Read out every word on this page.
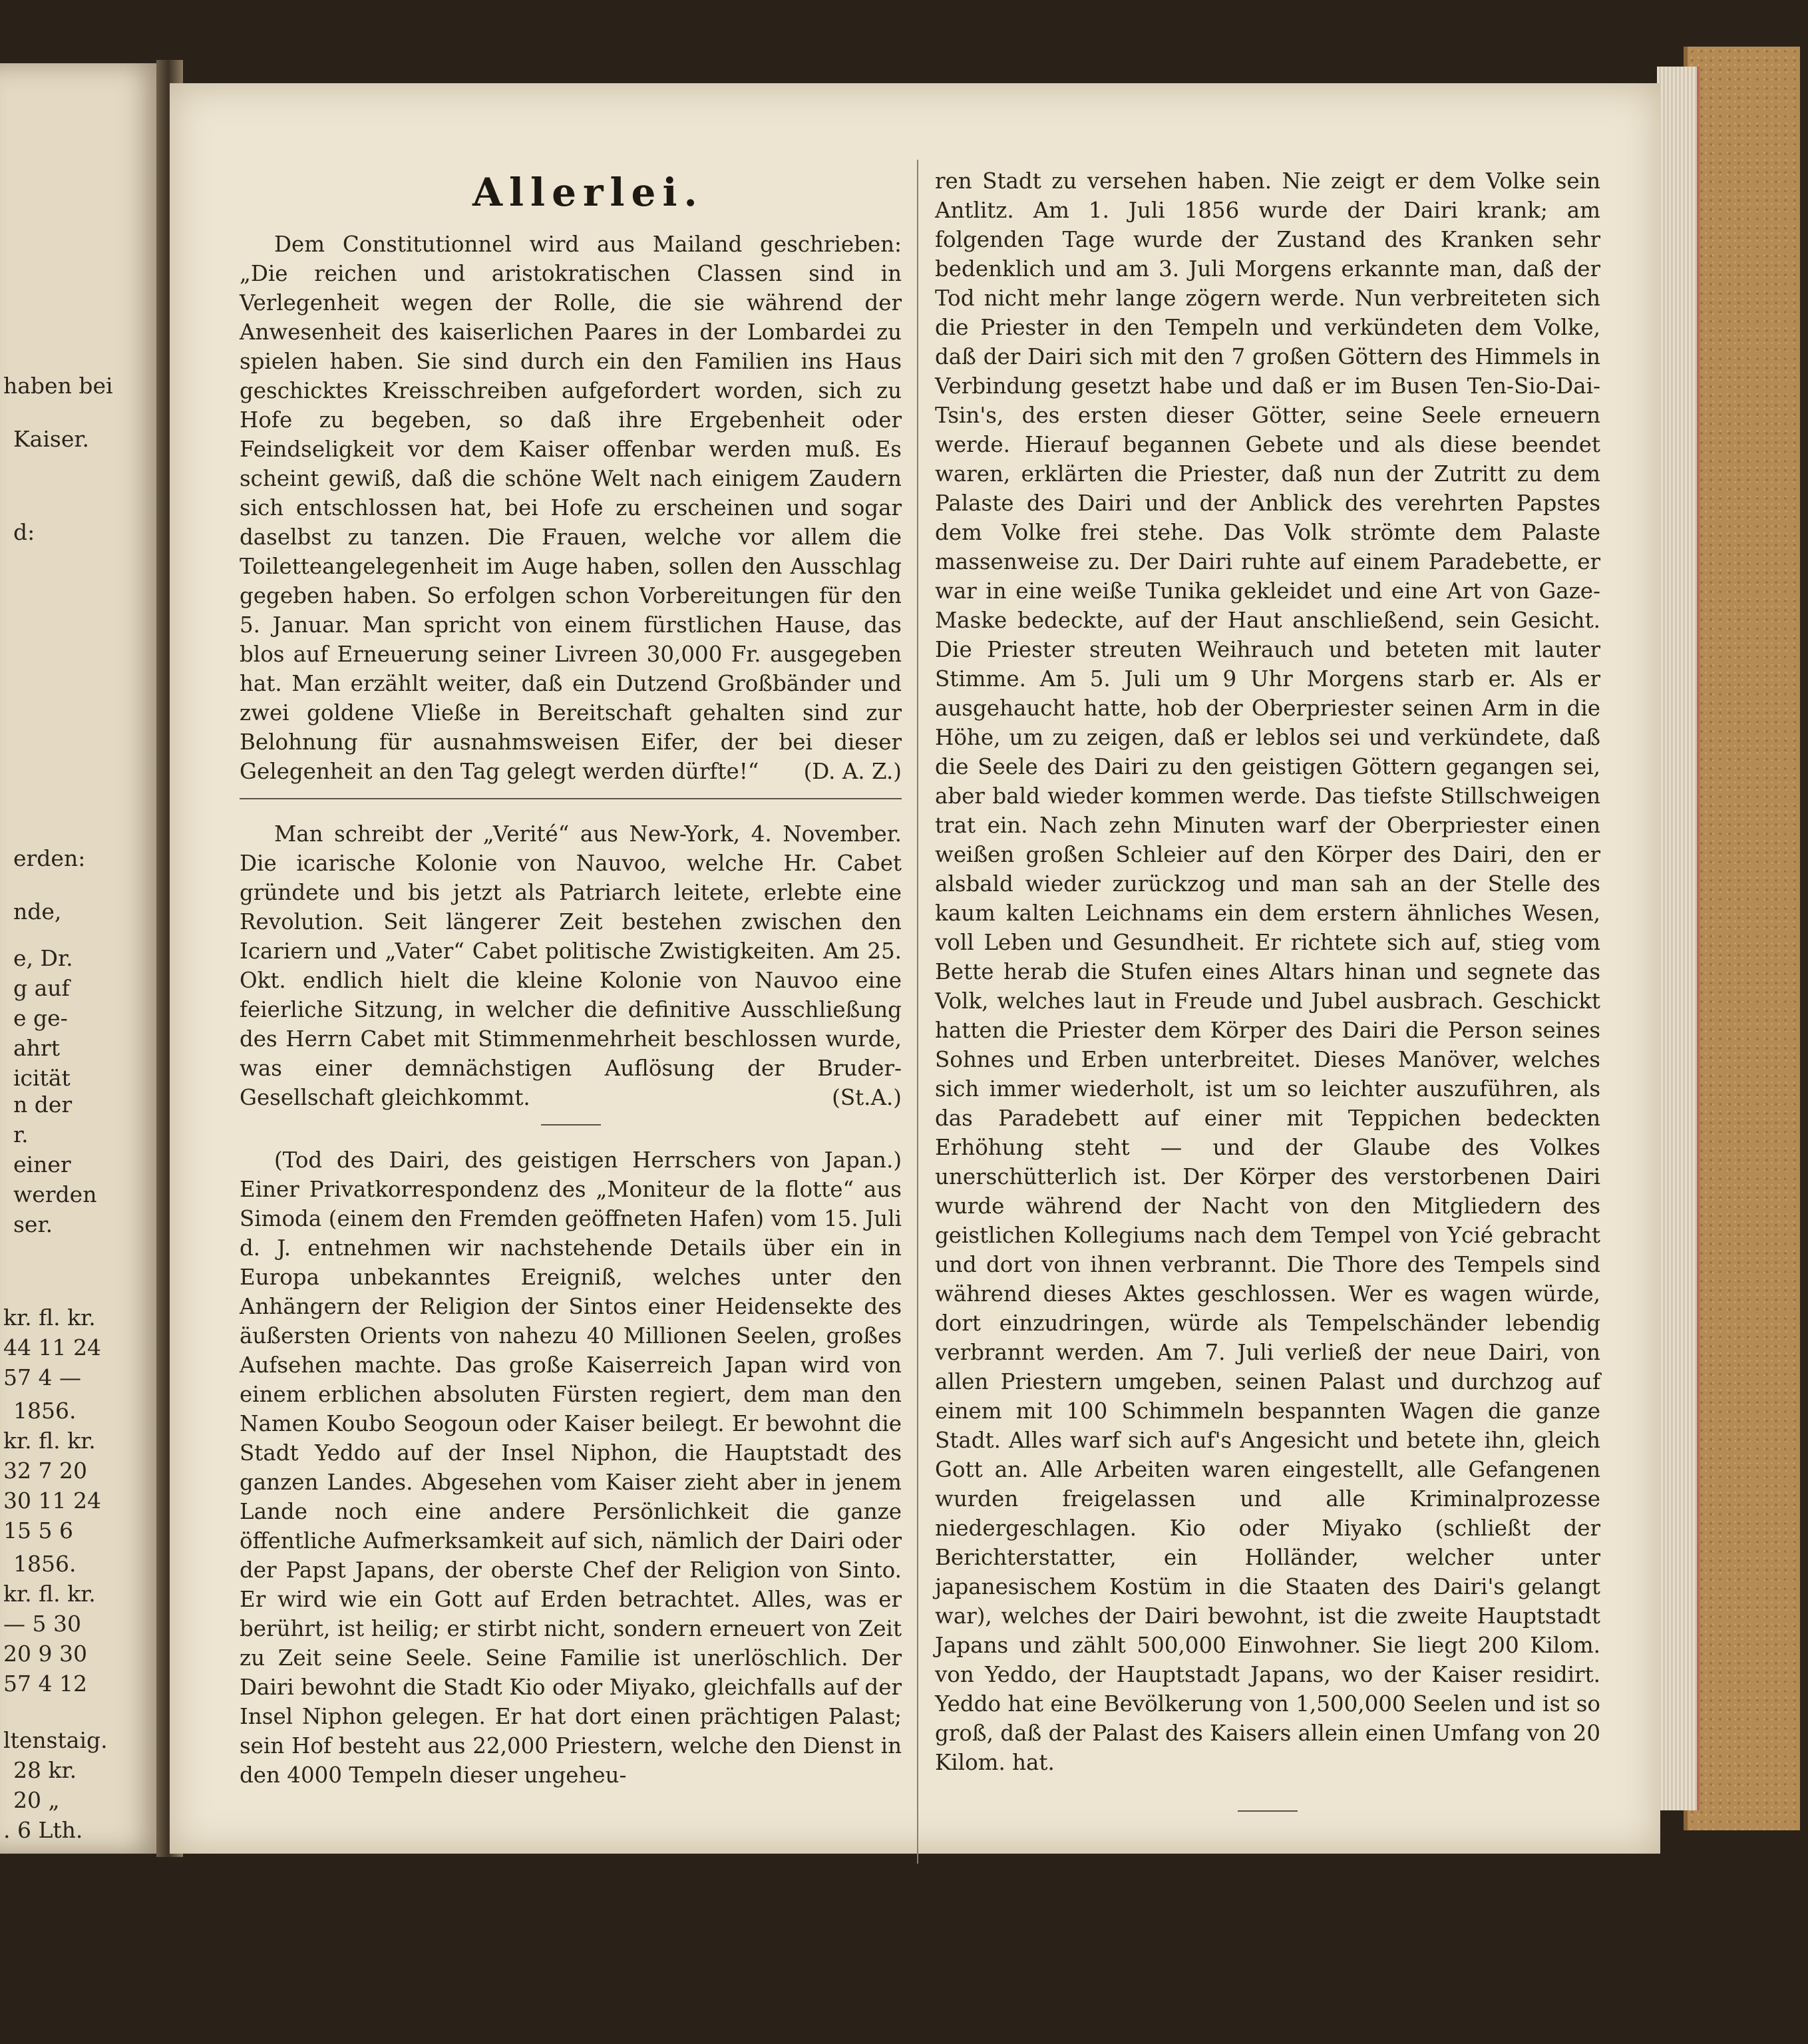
haben bei
Kaiser.
d:
erden:
nde,
e, Dr.
g auf
e ge-
ahrt
icität
n der
r.
einer
werden
ser.
kr. fl. kr.
44 11 24
57 4 —
1856.
kr. fl. kr.
32 7 20
30 11 24
15 5 6
1856.
kr. fl. kr.
— 5 30
20 9 30
57 4 12
ltenstaig.
28 kr.
20 „
. 6 Lth.
Allerlei.

Dem Constitutionnel wird aus Mailand geschrieben: „Die reichen und aristokratischen Classen sind in Verlegenheit wegen der Rolle, die sie während der Anwesenheit des kaiserlichen Paares in der Lombardei zu spielen haben. Sie sind durch ein den Familien ins Haus geschicktes Kreisschreiben aufgefordert worden, sich zu Hofe zu begeben, so daß ihre Ergebenheit oder Feindseligkeit vor dem Kaiser offenbar werden muß. Es scheint gewiß, daß die schöne Welt nach einigem Zaudern sich entschlossen hat, bei Hofe zu erscheinen und sogar daselbst zu tanzen. Die Frauen, welche vor allem die Toiletteangelegenheit im Auge haben, sollen den Ausschlag gegeben haben. So erfolgen schon Vorbereitungen für den 5. Januar. Man spricht von einem fürstlichen Hause, das blos auf Erneuerung seiner Livreen 30,000 Fr. ausgegeben hat. Man erzählt weiter, daß ein Dutzend Großbänder und zwei goldene Vließe in Bereitschaft gehalten sind zur Belohnung für ausnahmsweisen Eifer, der bei dieser Gelegenheit an den Tag gelegt werden dürfte!“	(D. A. Z.)

Man schreibt der „Verité“ aus New-York, 4. November. Die icarische Kolonie von Nauvoo, welche Hr. Cabet gründete und bis jetzt als Patriarch leitete, erlebte eine Revolution. Seit längerer Zeit bestehen zwischen den Icariern und „Vater“ Cabet politische Zwistigkeiten. Am 25. Okt. endlich hielt die kleine Kolonie von Nauvoo eine feierliche Sitzung, in welcher die definitive Ausschließung des Herrn Cabet mit Stimmenmehrheit beschlossen wurde, was einer demnächstigen Auflösung der Bruder-Gesellschaft gleichkommt.	(St.A.)

(Tod des Dairi, des geistigen Herrschers von Japan.) Einer Privatkorrespondenz des „Moniteur de la flotte“ aus Simoda (einem den Fremden geöffneten Hafen) vom 15. Juli d. J. entnehmen wir nachstehende Details über ein in Europa unbekanntes Ereigniß, welches unter den Anhängern der Religion der Sintos einer Heidensekte des äußersten Orients von nahezu 40 Millionen Seelen, großes Aufsehen machte. Das große Kaiserreich Japan wird von einem erblichen absoluten Fürsten regiert, dem man den Namen Koubo Seogoun oder Kaiser beilegt. Er bewohnt die Stadt Yeddo auf der Insel Niphon, die Hauptstadt des ganzen Landes. Abgesehen vom Kaiser zieht aber in jenem Lande noch eine andere Persönlichkeit die ganze öffentliche Aufmerksamkeit auf sich, nämlich der Dairi oder der Papst Japans, der oberste Chef der Religion von Sinto. Er wird wie ein Gott auf Erden betrachtet. Alles, was er berührt, ist heilig; er stirbt nicht, sondern erneuert von Zeit zu Zeit seine Seele. Seine Familie ist unerlöschlich. Der Dairi bewohnt die Stadt Kio oder Miyako, gleichfalls auf der Insel Niphon gelegen. Er hat dort einen prächtigen Palast; sein Hof besteht aus 22,000 Priestern, welche den Dienst in den 4000 Tempeln dieser ungeheu-

ren Stadt zu versehen haben. Nie zeigt er dem Volke sein Antlitz. Am 1. Juli 1856 wurde der Dairi krank; am folgenden Tage wurde der Zustand des Kranken sehr bedenklich und am 3. Juli Morgens erkannte man, daß der Tod nicht mehr lange zögern werde. Nun verbreiteten sich die Priester in den Tempeln und verkündeten dem Volke, daß der Dairi sich mit den 7 großen Göttern des Himmels in Verbindung gesetzt habe und daß er im Busen Ten-Sio-Dai-Tsin's, des ersten dieser Götter, seine Seele erneuern werde. Hierauf begannen Gebete und als diese beendet waren, erklärten die Priester, daß nun der Zutritt zu dem Palaste des Dairi und der Anblick des verehrten Papstes dem Volke frei stehe. Das Volk strömte dem Palaste massenweise zu. Der Dairi ruhte auf einem Paradebette, er war in eine weiße Tunika gekleidet und eine Art von Gaze-Maske bedeckte, auf der Haut anschließend, sein Gesicht. Die Priester streuten Weihrauch und beteten mit lauter Stimme. Am 5. Juli um 9 Uhr Morgens starb er. Als er ausgehaucht hatte, hob der Oberpriester seinen Arm in die Höhe, um zu zeigen, daß er leblos sei und verkündete, daß die Seele des Dairi zu den geistigen Göttern gegangen sei, aber bald wieder kommen werde. Das tiefste Stillschweigen trat ein. Nach zehn Minuten warf der Oberpriester einen weißen großen Schleier auf den Körper des Dairi, den er alsbald wieder zurückzog und man sah an der Stelle des kaum kalten Leichnams ein dem erstern ähnliches Wesen, voll Leben und Gesundheit. Er richtete sich auf, stieg vom Bette herab die Stufen eines Altars hinan und segnete das Volk, welches laut in Freude und Jubel ausbrach. Geschickt hatten die Priester dem Körper des Dairi die Person seines Sohnes und Erben unterbreitet. Dieses Manöver, welches sich immer wiederholt, ist um so leichter auszuführen, als das Paradebett auf einer mit Teppichen bedeckten Erhöhung steht — und der Glaube des Volkes unerschütterlich ist. Der Körper des verstorbenen Dairi wurde während der Nacht von den Mitgliedern des geistlichen Kollegiums nach dem Tempel von Ycié gebracht und dort von ihnen verbrannt. Die Thore des Tempels sind während dieses Aktes geschlossen. Wer es wagen würde, dort einzudringen, würde als Tempelschänder lebendig verbrannt werden. Am 7. Juli verließ der neue Dairi, von allen Priestern umgeben, seinen Palast und durchzog auf einem mit 100 Schimmeln bespannten Wagen die ganze Stadt. Alles warf sich auf's Angesicht und betete ihn, gleich Gott an. Alle Arbeiten waren eingestellt, alle Gefangenen wurden freigelassen und alle Kriminalprozesse niedergeschlagen. Kio oder Miyako (schließt der Berichterstatter, ein Holländer, welcher unter japanesischem Kostüm in die Staaten des Dairi's gelangt war), welches der Dairi bewohnt, ist die zweite Hauptstadt Japans und zählt 500,000 Einwohner. Sie liegt 200 Kilom. von Yeddo, der Hauptstadt Japans, wo der Kaiser residirt. Yeddo hat eine Bevölkerung von 1,500,000 Seelen und ist so groß, daß der Palast des Kaisers allein einen Umfang von 20 Kilom. hat.
